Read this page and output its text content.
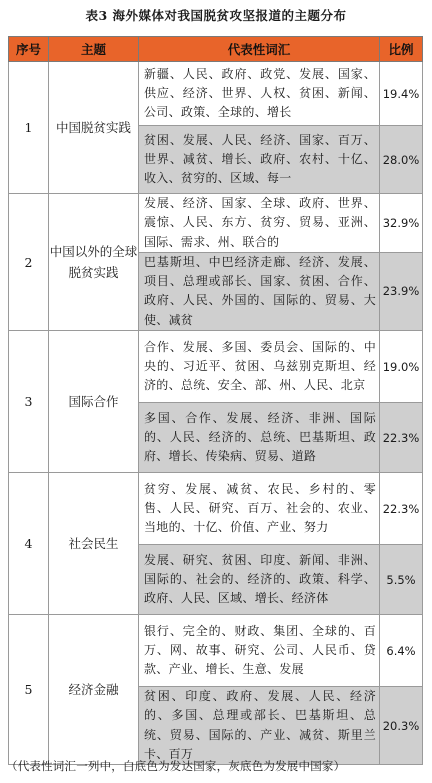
表3 海外媒体对我国脱贫攻坚报道的主题分布
序号	主题	代表性词汇	比例
1	中国脱贫实践	新疆、人民、政府、政党、发展、国家、供应、经济、世界、人权、贫困、新闻、公司、政策、全球的、增长	19.4%
		贫困、发展、人民、经济、国家、百万、世界、减贫、增长、政府、农村、十亿、收入、贫穷的、区域、每一	28.0%
2	中国以外的全球脱贫实践	发展、经济、国家、全球、政府、世界、震惊、人民、东方、贫穷、贸易、亚洲、国际、需求、州、联合的	32.9%
		巴基斯坦、中巴经济走廊、经济、发展、项目、总理或部长、国家、贫困、合作、政府、人民、外国的、国际的、贸易、大使、减贫	23.9%
3	国际合作	合作、发展、多国、委员会、国际的、中央的、习近平、贫困、乌兹别克斯坦、经济的、总统、安全、部、州、人民、北京	19.0%
		多国、合作、发展、经济、非洲、国际的、人民、经济的、总统、巴基斯坦、政府、增长、传染病、贸易、道路	22.3%
4	社会民生	贫穷、发展、减贫、农民、乡村的、零售、人民、研究、百万、社会的、农业、当地的、十亿、价值、产业、努力	22.3%
		发展、研究、贫困、印度、新闻、非洲、国际的、社会的、经济的、政策、科学、政府、人民、区域、增长、经济体	5.5%
5	经济金融	银行、完全的、财政、集团、全球的、百万、网、故事、研究、公司、人民币、贷款、产业、增长、生意、发展	6.4%
		贫困、印度、政府、发展、人民、经济的、多国、总理或部长、巴基斯坦、总统、贸易、国际的、产业、减贫、斯里兰卡、百万	20.3%
（代表性词汇一列中，白底色为发达国家，灰底色为发展中国家）
